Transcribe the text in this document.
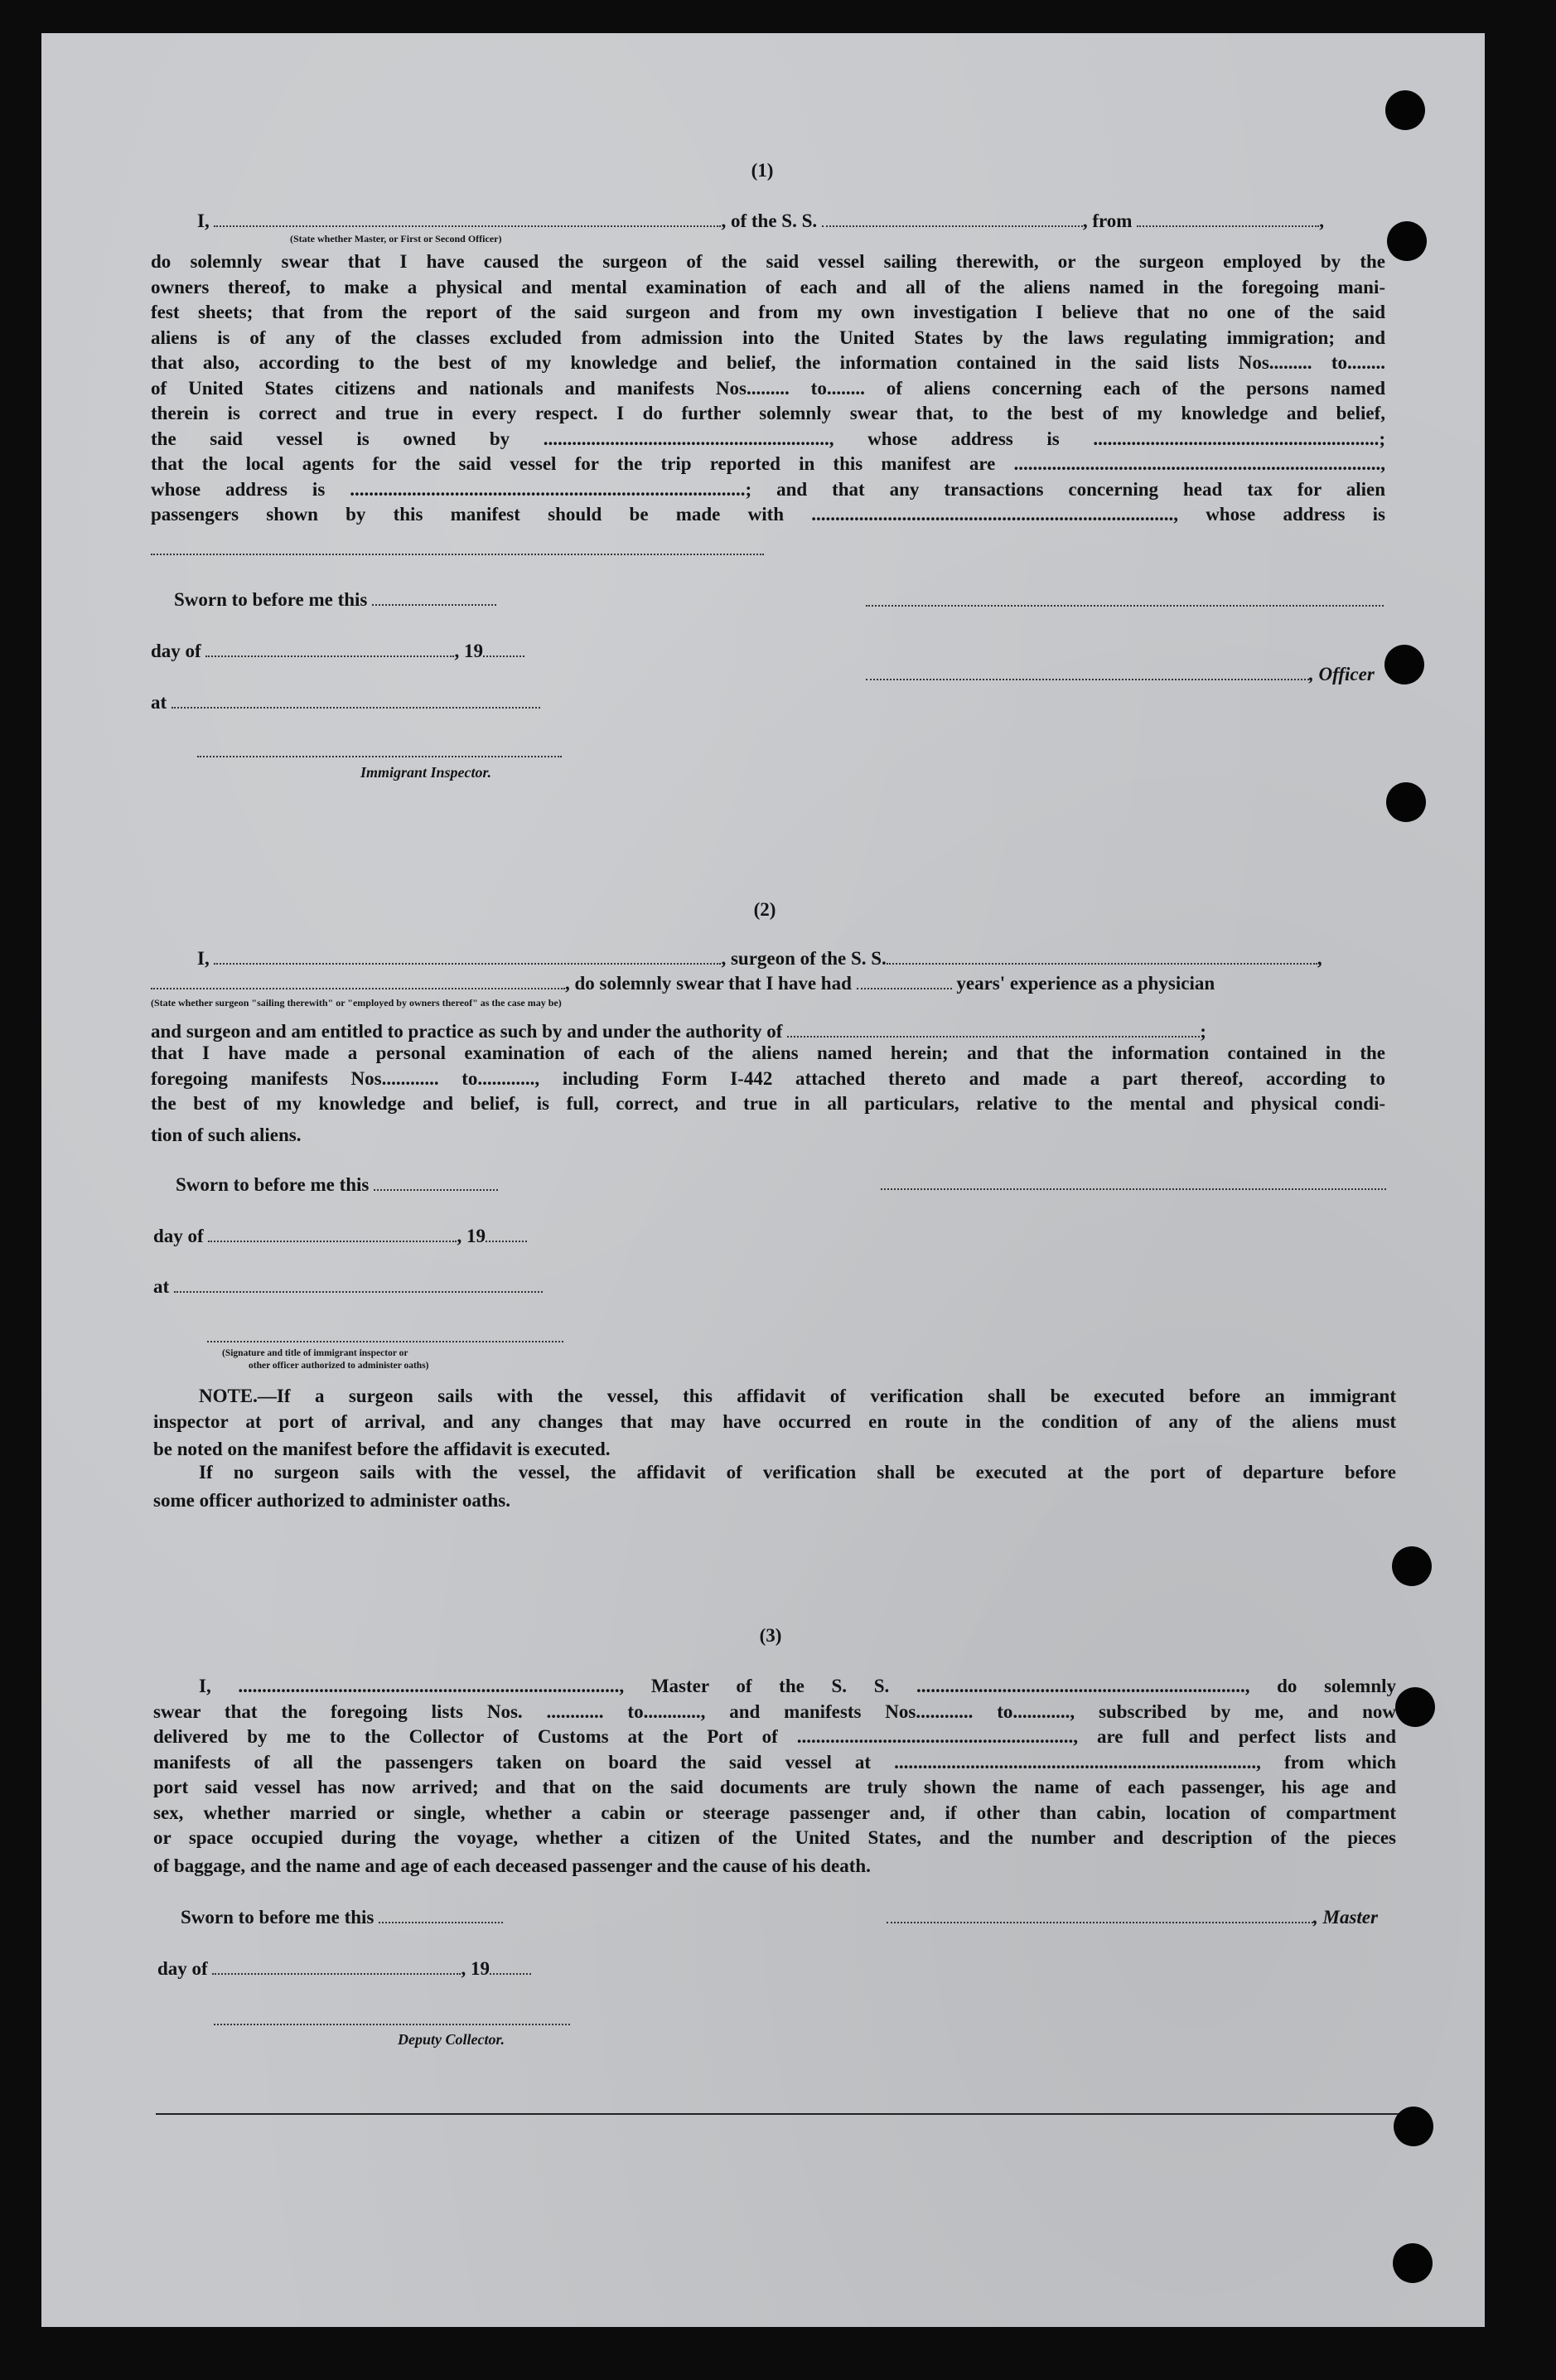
(1)
I,	, of the S. S.	, from	,
(State whether Master, or First or Second Officer)
do solemnly swear that I have caused the surgeon of the said vessel sailing therewith, or the surgeon employed by the
owners thereof, to make a physical and mental examination of each and all of the aliens named in the foregoing mani-
fest sheets; that from the report of the said surgeon and from my own investigation I believe that no one of the said
aliens is of any of the classes excluded from admission into the United States by the laws regulating immigration; and
that also, according to the best of my knowledge and belief, the information contained in the said lists Nos......... to........
of United States citizens and nationals and manifests Nos......... to........ of aliens concerning each of the persons named
therein is correct and true in every respect. I do further solemnly swear that, to the best of my knowledge and belief,
the said vessel is owned by ............................................................, whose address is ............................................................;
that the local agents for the said vessel for the trip reported in this manifest are .............................................................................,
whose address is ...................................................................................; and that any transactions concerning head tax for alien
passengers shown by this manifest should be made with ............................................................................, whose address is
Sworn to before me this
day of	, 19
, Officer
at
Immigrant Inspector.
(2)
I,	, surgeon of the S. S.	,
, do solemnly swear that I have had	years' experience as a physician
(State whether surgeon "sailing therewith" or "employed by owners thereof" as the case may be)
and surgeon and am entitled to practice as such by and under the authority of	;
that I have made a personal examination of each of the aliens named herein; and that the information contained in the
foregoing manifests Nos............ to............, including Form I-442 attached thereto and made a part thereof, according to
the best of my knowledge and belief, is full, correct, and true in all particulars, relative to the mental and physical condi-
tion of such aliens.
Sworn to before me this
day of	, 19
at
(Signature and title of immigrant inspector or
other officer authorized to administer oaths)
NOTE.—If a surgeon sails with the vessel, this affidavit of verification shall be executed before an immigrant
inspector at port of arrival, and any changes that may have occurred en route in the condition of any of the aliens must
be noted on the manifest before the affidavit is executed.
If no surgeon sails with the vessel, the affidavit of verification shall be executed at the port of departure before
some officer authorized to administer oaths.
(3)
I, ................................................................................, Master of the S. S. ....................................................................., do solemnly
swear that the foregoing lists Nos. ............ to............, and manifests Nos............ to............, subscribed by me, and now
delivered by me to the Collector of Customs at the Port of .........................................................., are full and perfect lists and
manifests of all the passengers taken on board the said vessel at ............................................................................, from which
port said vessel has now arrived; and that on the said documents are truly shown the name of each passenger, his age and
sex, whether married or single, whether a cabin or steerage passenger and, if other than cabin, location of compartment
or space occupied during the voyage, whether a citizen of the United States, and the number and description of the pieces
of baggage, and the name and age of each deceased passenger and the cause of his death.
Sworn to before me this	, Master
day of	, 19
Deputy Collector.
